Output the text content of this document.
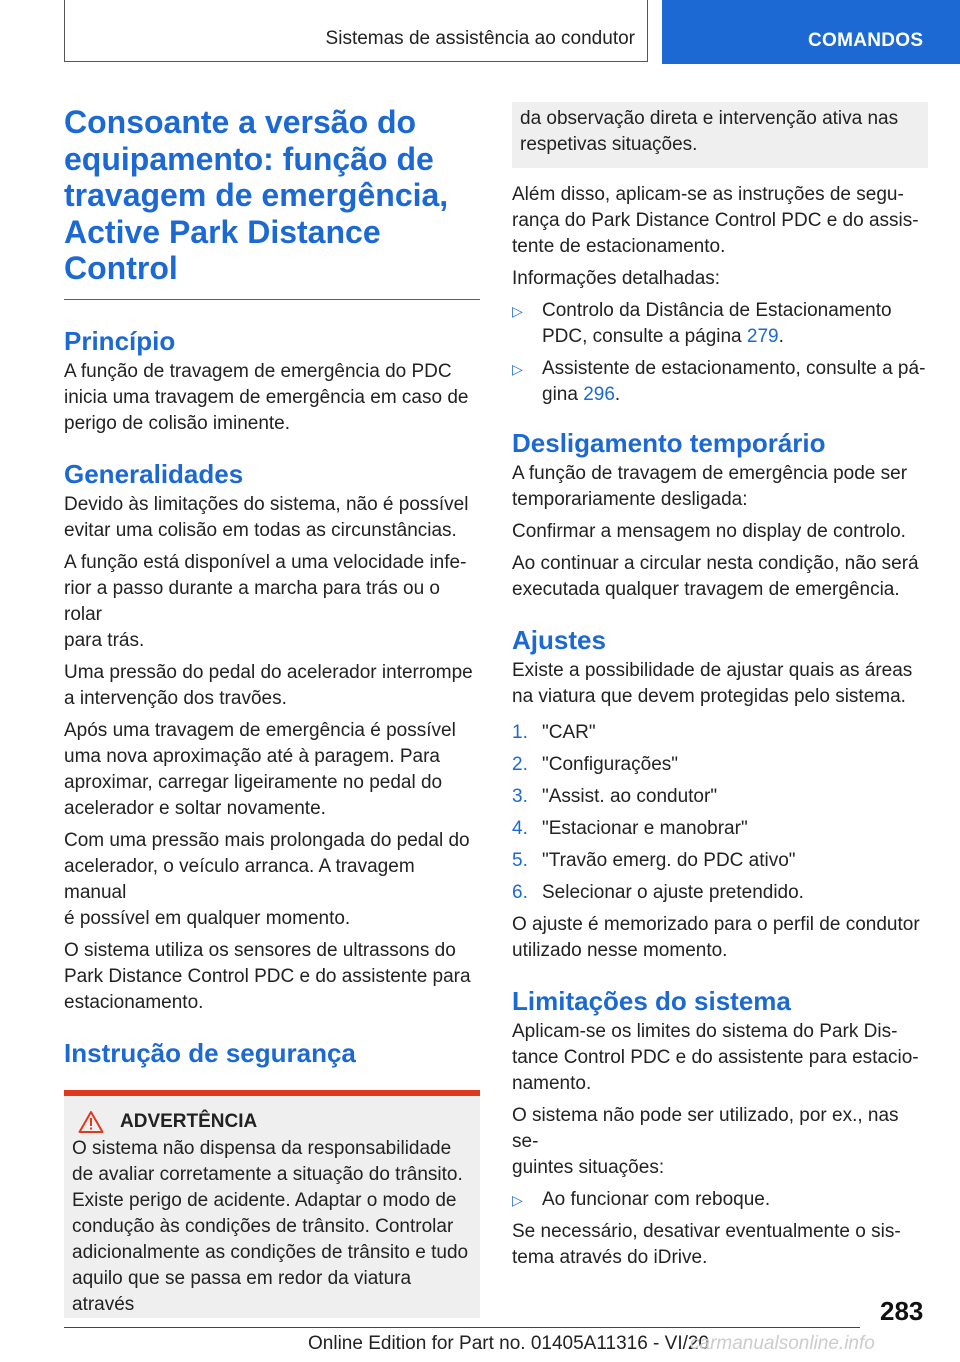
Sistemas de assistência ao condutor	COMANDOS
Consoante a versão do
equipamento: função de
travagem de emergência,
Active Park Distance
Control
Princípio
A função de travagem de emergência do PDC
inicia uma travagem de emergência em caso de
perigo de colisão iminente.
Generalidades
Devido às limitações do sistema, não é possível
evitar uma colisão em todas as circunstâncias.
A função está disponível a uma velocidade infe-
rior a passo durante a marcha para trás ou o rolar
para trás.
Uma pressão do pedal do acelerador interrompe
a intervenção dos travões.
Após uma travagem de emergência é possível
uma nova aproximação até à paragem. Para
aproximar, carregar ligeiramente no pedal do
acelerador e soltar novamente.
Com uma pressão mais prolongada do pedal do
acelerador, o veículo arranca. A travagem manual
é possível em qualquer momento.
O sistema utiliza os sensores de ultrassons do
Park Distance Control PDC e do assistente para
estacionamento.
Instrução de segurança
ADVERTÊNCIA
O sistema não dispensa da responsabilidade
de avaliar corretamente a situação do trânsito.
Existe perigo de acidente. Adaptar o modo de
condução às condições de trânsito. Controlar
adicionalmente as condições de trânsito e tudo
aquilo que se passa em redor da viatura através
da observação direta e intervenção ativa nas
respetivas situações.
Além disso, aplicam-se as instruções de segu-
rança do Park Distance Control PDC e do assis-
tente de estacionamento.
Informações detalhadas:
▷	Controlo da Distância de Estacionamento
PDC, consulte a página 279.
▷	Assistente de estacionamento, consulte a pá-
gina 296.
Desligamento temporário
A função de travagem de emergência pode ser
temporariamente desligada:
Confirmar a mensagem no display de controlo.
Ao continuar a circular nesta condição, não será
executada qualquer travagem de emergência.
Ajustes
Existe a possibilidade de ajustar quais as áreas
na viatura que devem protegidas pelo sistema.
1. "CAR"
2. "Configurações"
3. "Assist. ao condutor"
4. "Estacionar e manobrar"
5. "Travão emerg. do PDC ativo"
6. Selecionar o ajuste pretendido.
O ajuste é memorizado para o perfil de condutor
utilizado nesse momento.
Limitações do sistema
Aplicam-se os limites do sistema do Park Dis-
tance Control PDC e do assistente para estacio-
namento.
O sistema não pode ser utilizado, por ex., nas se-
guintes situações:
▷	Ao funcionar com reboque.
Se necessário, desativar eventualmente o sis-
tema através do iDrive.
283
Online Edition for Part no. 01405A11316 - VI/20
carmanualsonline.info
